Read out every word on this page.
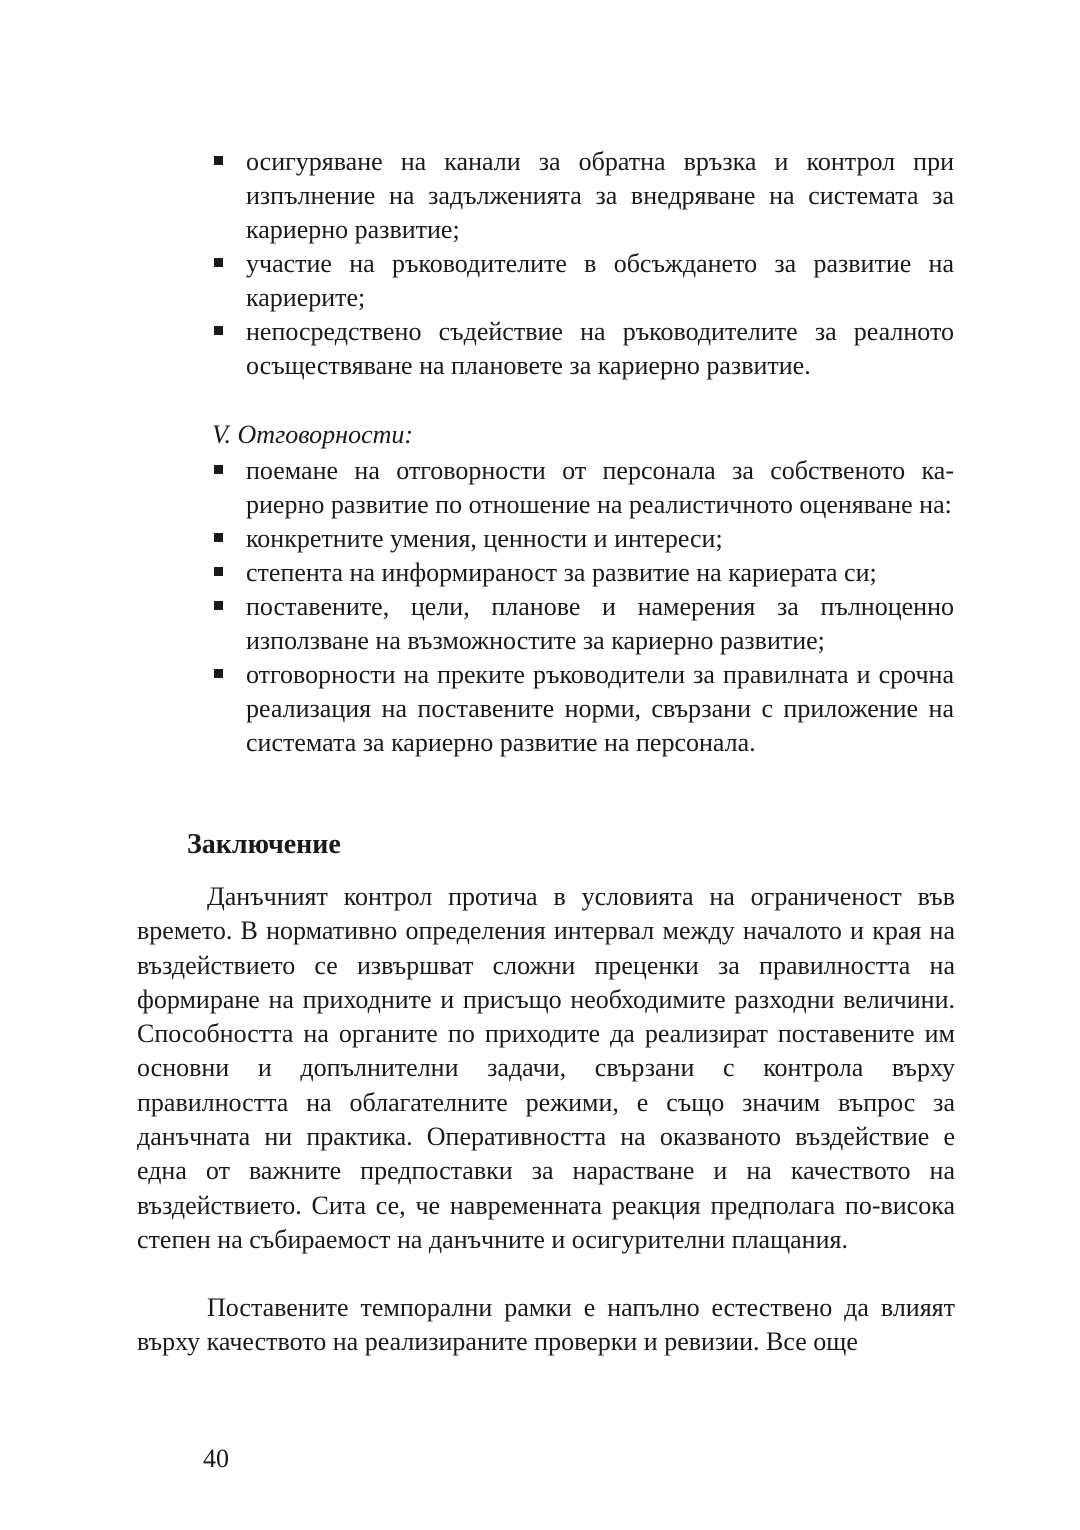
осигуряване на канали за обратна връзка и контрол при изпълнение на задълженията за внедряване на системата за кариерно развитие;
участие на ръководителите в обсъждането за развитие на кариерите;
непосредствено съдействие на ръководителите за реалното осъществяване на плановете за кариерно развитие.

V. Отговорности:

поемане на отговорности от персонала за собственото кариерно развитие по отношение на реалистичното оценяване на:
конкретните умения, ценности и интереси;
степента на информираност за развитие на кариерата си;
поставените, цели, планове и намерения за пълноценно използване на възможностите за кариерно развитие;
отговорности на преките ръководители за правилната и срочна реализация на поставените норми, свързани с приложение на системата за кариерно развитие на персонала.
Заключение

Данъчният контрол протича в условията на ограниченост във времето. В нормативно определения интервал между началото и края на въздействието се извършват сложни преценки за правилността на формиране на приходните и присъщо необходимите разходни величини. Способността на органите по приходите да реализират поставените им основни и допълнителни задачи, свързани с контрола върху правилността на облагателните режими, е също значим въпрос за данъчната ни практика. Оперативността на оказваното въздействие е една от важните предпоставки за нарастване и на качеството на въздействието. Сита се, че навременната реакция предполага по-висока степен на събираемост на данъчните и осигурителни плащания.

Поставените темпорални рамки е напълно естествено да влияят върху качеството на реализираните проверки и ревизии. Все още

40
